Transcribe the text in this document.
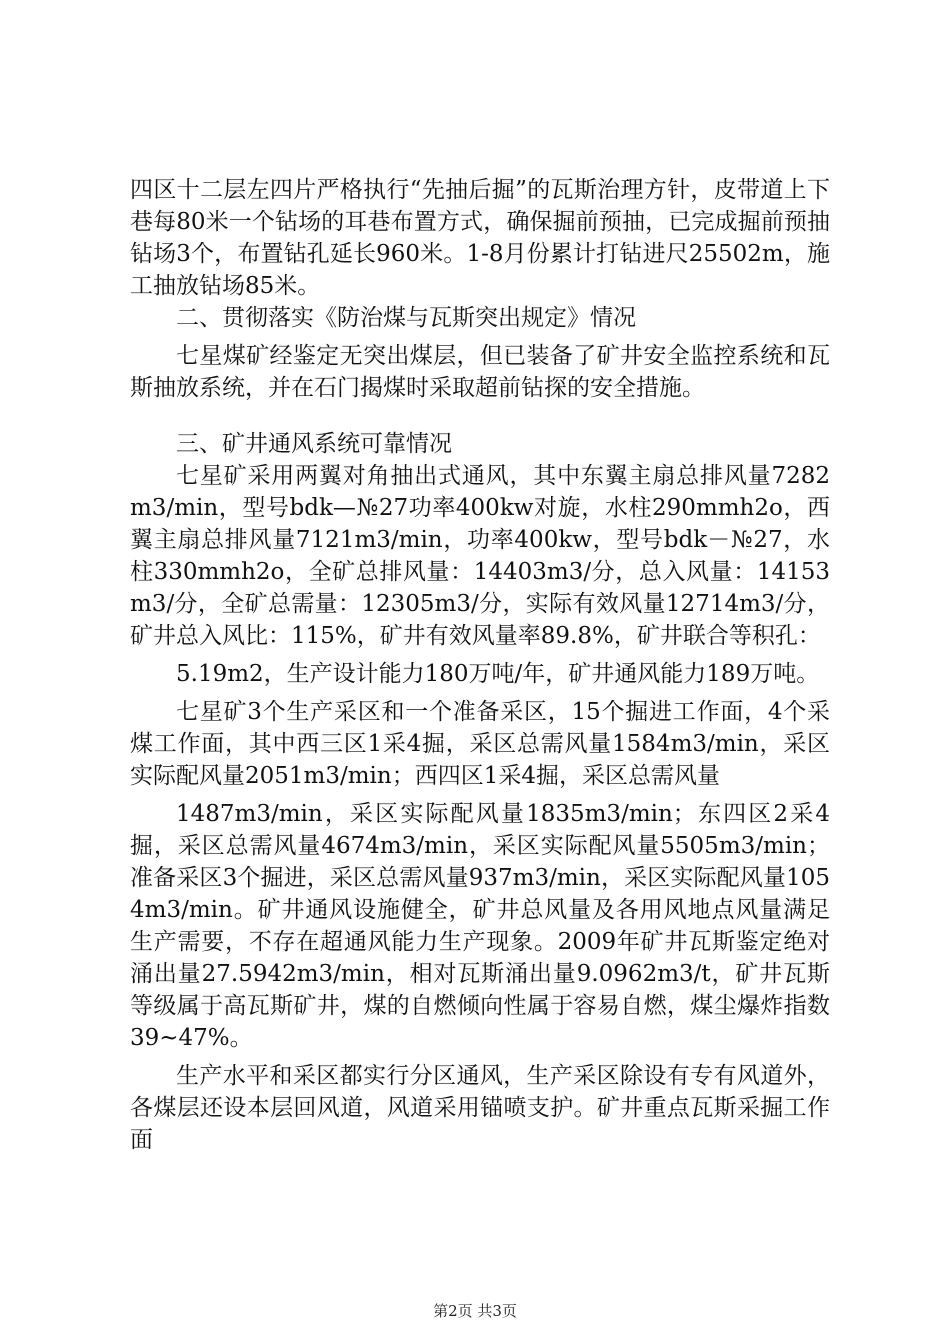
四区十二层左四片严格执行“先抽后掘”的瓦斯治理方针，皮带道上下巷每80米一个钻场的耳巷布置方式，确保掘前预抽，已完成掘前预抽钻场3个，布置钻孔延长960米。1-8月份累计打钻进尺25502m，施工抽放钻场85米。

二、贯彻落实《防治煤与瓦斯突出规定》情况

七星煤矿经鉴定无突出煤层，但已装备了矿井安全监控系统和瓦斯抽放系统，并在石门揭煤时采取超前钻探的安全措施。

三、矿井通风系统可靠情况

七星矿采用两翼对角抽出式通风，其中东翼主扇总排风量7282m3/min，型号bdk—№27功率400kw对旋，水柱290mmh2o，西翼主扇总排风量7121m3/min，功率400kw，型号bdk－№27，水柱330mmh2o，全矿总排风量：14403m3/分，总入风量：14153m3/分，全矿总需量：12305m3/分，实际有效风量12714m3/分，矿井总入风比：115%，矿井有效风量率89.8%，矿井联合等积孔：

5.19m2，生产设计能力180万吨/年，矿井通风能力189万吨。

七星矿3个生产采区和一个准备采区，15个掘进工作面，4个采煤工作面，其中西三区1采4掘，采区总需风量1584m3/min，采区实际配风量2051m3/min；西四区1采4掘，采区总需风量

1487m3/min，采区实际配风量1835m3/min；东四区2采4掘，采区总需风量4674m3/min，采区实际配风量5505m3/min；准备采区3个掘进，采区总需风量937m3/min，采区实际配风量1054m3/min。矿井通风设施健全，矿井总风量及各用风地点风量满足生产需要，不存在超通风能力生产现象。2009年矿井瓦斯鉴定绝对涌出量27.5942m3/min，相对瓦斯涌出量9.0962m3/t，矿井瓦斯等级属于高瓦斯矿井，煤的自燃倾向性属于容易自燃，煤尘爆炸指数39~47%。

生产水平和采区都实行分区通风，生产采区除设有专有风道外，各煤层还设本层回风道，风道采用锚喷支护。矿井重点瓦斯采掘工作面

第2页 共3页
